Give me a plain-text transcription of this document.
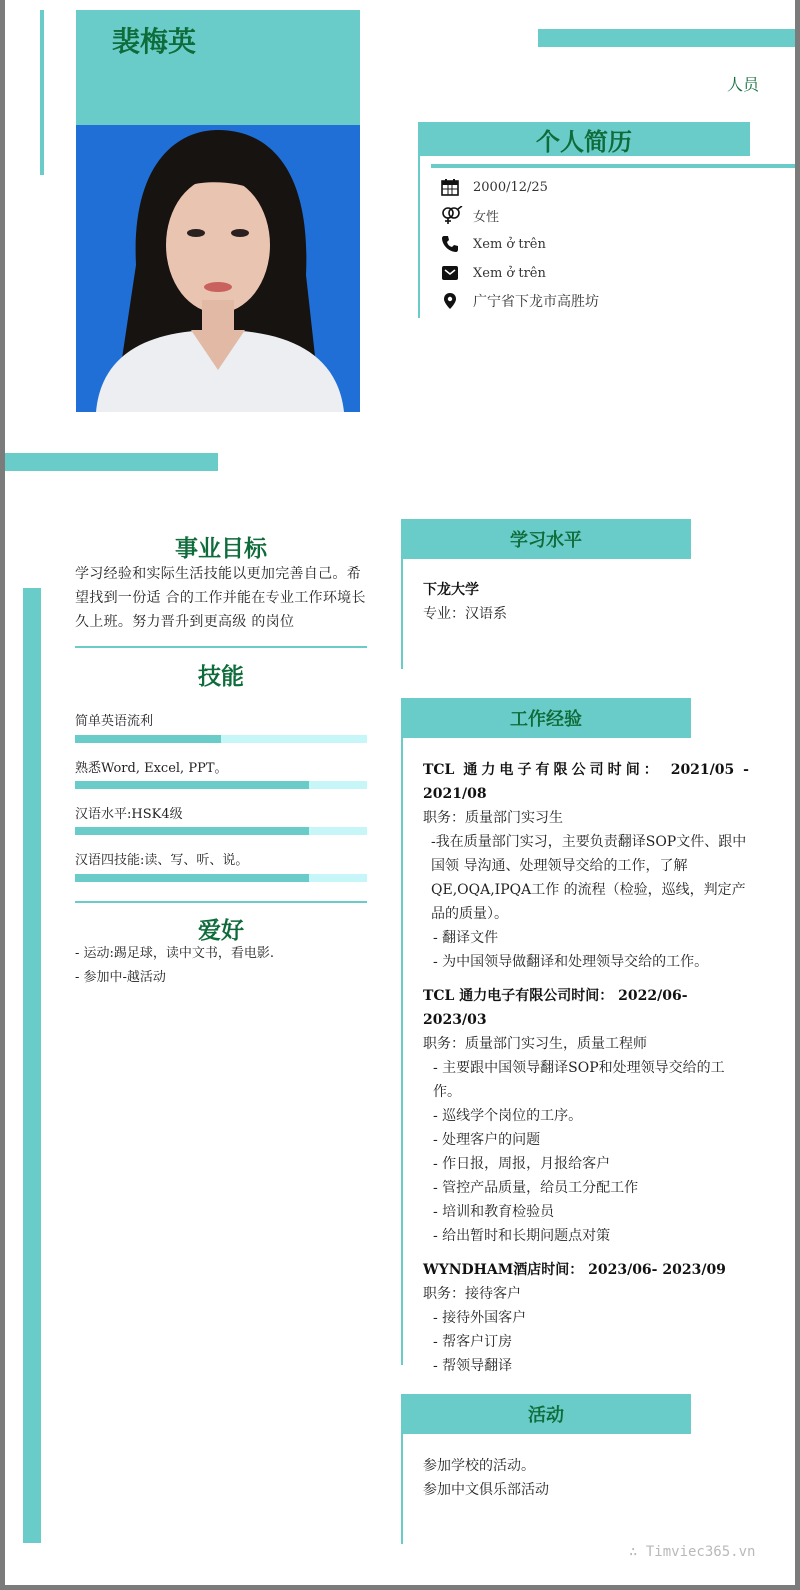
裴梅英
人员
个人简历
2000/12/25
女性
Xem ở trên
Xem ở trên
广宁省下龙市高胜坊
事业目标
学习经验和实际生活技能以更加完善自己。希望找到一份适 合的工作并能在专业工作环境长久上班。努力晋升到更高级 的岗位
技能
简单英语流利
熟悉Word, Excel, PPT。
汉语水平:HSK4级
汉语四技能:读、写、听、说。
爱好
- 运动:踢足球，读中文书，看电影.
- 参加中-越活动
学习水平
下龙大学
专业：汉语系
工作经验
TCL 通力电子有限公司时间： 2021/05 - 2021/08
职务：质量部门实习生
-我在质量部门实习，主要负责翻译SOP文件、跟中国领 导沟通、处理领导交给的工作，了解QE,OQA,IPQA工作 的流程（检验，巡线，判定产品的质量）。
- 翻译文件
- 为中国领导做翻译和处理领导交给的工作。
TCL 通力电子有限公司时间： 2022/06- 2023/03
职务：质量部门实习生，质量工程师
- 主要跟中国领导翻译SOP和处理领导交给的工作。
- 巡线学个岗位的工序。
- 处理客户的问题
- 作日报，周报，月报给客户
- 管控产品质量，给员工分配工作
- 培训和教育检验员
- 给出暂时和长期问题点对策
WYNDHAM酒店时间： 2023/06- 2023/09
职务：接待客户
- 接待外国客户
- 帮客户订房
- 帮领导翻译
活动
参加学校的活动。
参加中文俱乐部活动
∴ Timviec365.vn
